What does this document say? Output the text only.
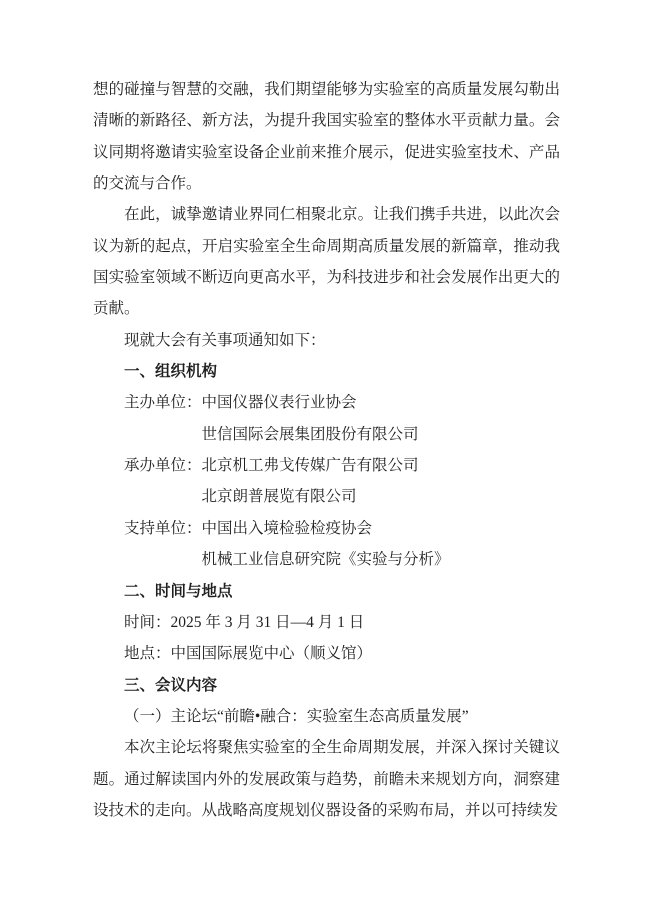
想的碰撞与智慧的交融，我们期望能够为实验室的高质量发展勾勒出清晰的新路径、新方法，为提升我国实验室的整体水平贡献力量。会议同期将邀请实验室设备企业前来推介展示，促进实验室技术、产品的交流与合作。

在此，诚挚邀请业界同仁相聚北京。让我们携手共进，以此次会议为新的起点，开启实验室全生命周期高质量发展的新篇章，推动我国实验室领域不断迈向更高水平，为科技进步和社会发展作出更大的贡献。

现就大会有关事项通知如下：

一、组织机构

主办单位：中国仪器仪表行业协会
世信国际会展集团股份有限公司
承办单位：北京机工弗戈传媒广告有限公司
北京朗普展览有限公司
支持单位：中国出入境检验检疫协会
机械工业信息研究院《实验与分析》

二、时间与地点

时间：2025 年 3 月 31 日—4 月 1 日
地点：中国国际展览中心（顺义馆）

三、会议内容

（一）主论坛“前瞻•融合：实验室生态高质量发展”

本次主论坛将聚焦实验室的全生命周期发展，并深入探讨关键议题。通过解读国内外的发展政策与趋势，前瞻未来规划方向，洞察建设技术的走向。从战略高度规划仪器设备的采购布局，并以可持续发
